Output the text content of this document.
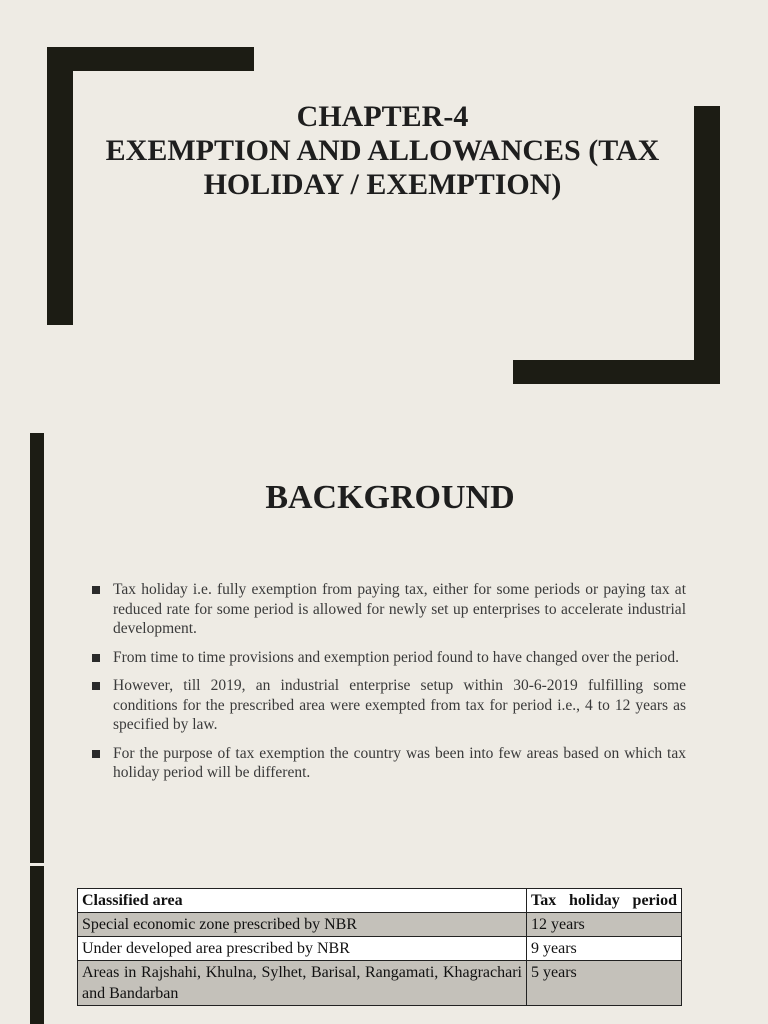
CHAPTER-4
EXEMPTION AND ALLOWANCES (TAX
HOLIDAY / EXEMPTION)
BACKGROUND
Tax holiday i.e. fully exemption from paying tax, either for some periods or paying tax at reduced rate for some period is allowed for newly set up enterprises to accelerate industrial development.
From time to time provisions and exemption period found to have changed over the period.
However, till 2019, an industrial enterprise setup within 30-6-2019 fulfilling some conditions for the prescribed area were exempted from tax for period i.e., 4 to 12 years as specified by law.
For the purpose of tax exemption the country was been into few areas based on which tax holiday period will be different.
Classified area	Tax holiday period
Special economic zone prescribed by NBR	12 years
Under developed area prescribed by NBR	9 years
Areas in Rajshahi, Khulna, Sylhet, Barisal, Rangamati, Khagrachari and Bandarban	5 years
